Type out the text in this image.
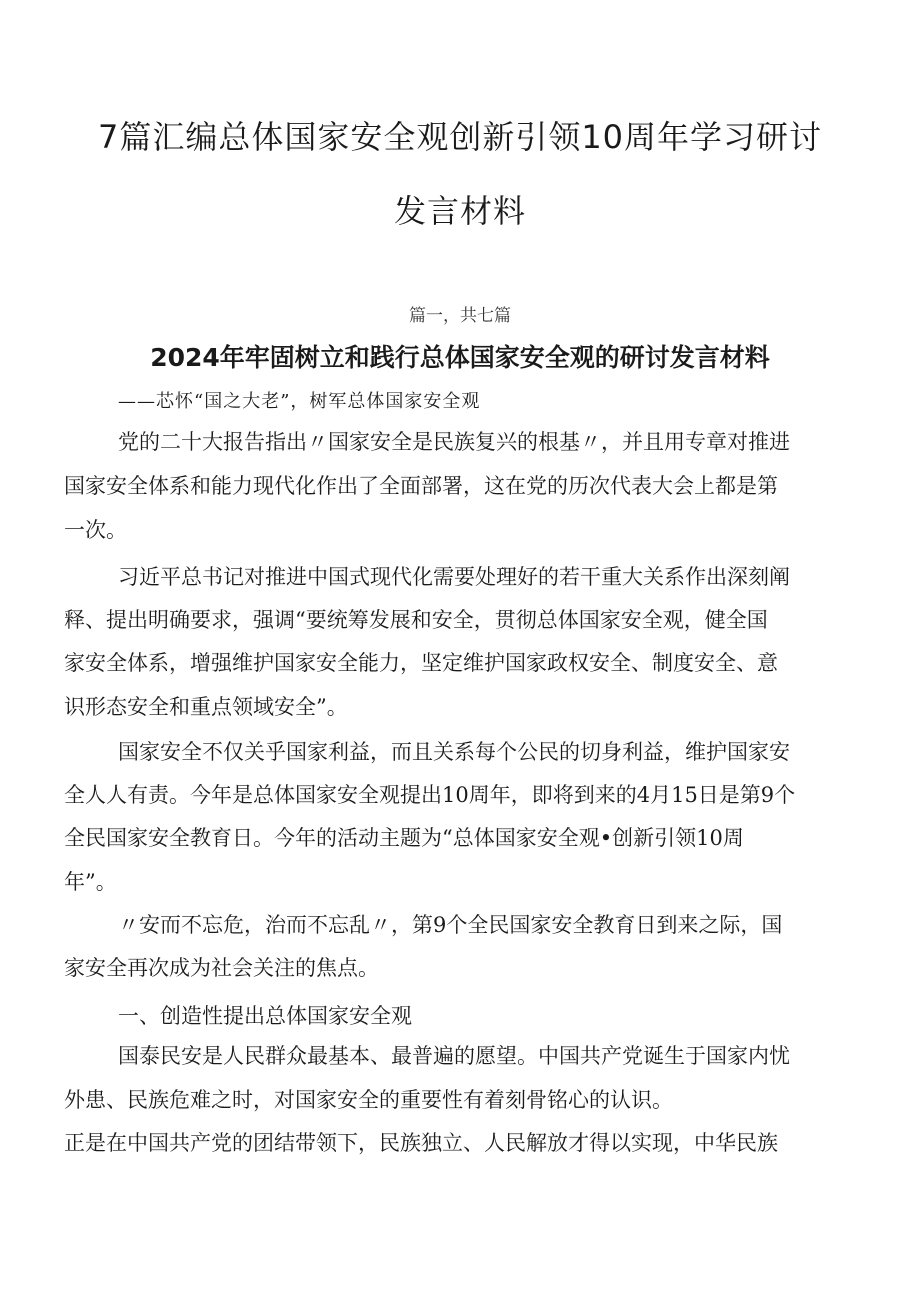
7篇汇编总体国家安全观创新引领10周年学习研讨
发言材料
篇一，共七篇
2024年牢固树立和践行总体国家安全观的研讨发言材料
——芯怀“国之大老”，树军总体国家安全观
党的二十大报告指出〃国家安全是民族复兴的根基〃，并且用专章对推进
国家安全体系和能力现代化作出了全面部署，这在党的历次代表大会上都是第
一次。
习近平总书记对推进中国式现代化需要处理好的若干重大关系作出深刻阐
释、提出明确要求，强调“要统筹发展和安全，贯彻总体国家安全观，健全国
家安全体系，增强维护国家安全能力，坚定维护国家政权安全、制度安全、意
识形态安全和重点领域安全”。
国家安全不仅关乎国家利益，而且关系每个公民的切身利益，维护国家安
全人人有责。今年是总体国家安全观提出10周年，即将到来的4月15日是第9个
全民国家安全教育日。今年的活动主题为“总体国家安全观•创新引领10周
年”。
〃安而不忘危，治而不忘乱〃，第9个全民国家安全教育日到来之际，国
家安全再次成为社会关注的焦点。
一、创造性提出总体国家安全观
国泰民安是人民群众最基本、最普遍的愿望。中国共产党诞生于国家内忧
外患、民族危难之时，对国家安全的重要性有着刻骨铭心的认识。
正是在中国共产党的团结带领下，民族独立、人民解放才得以实现，中华民族
